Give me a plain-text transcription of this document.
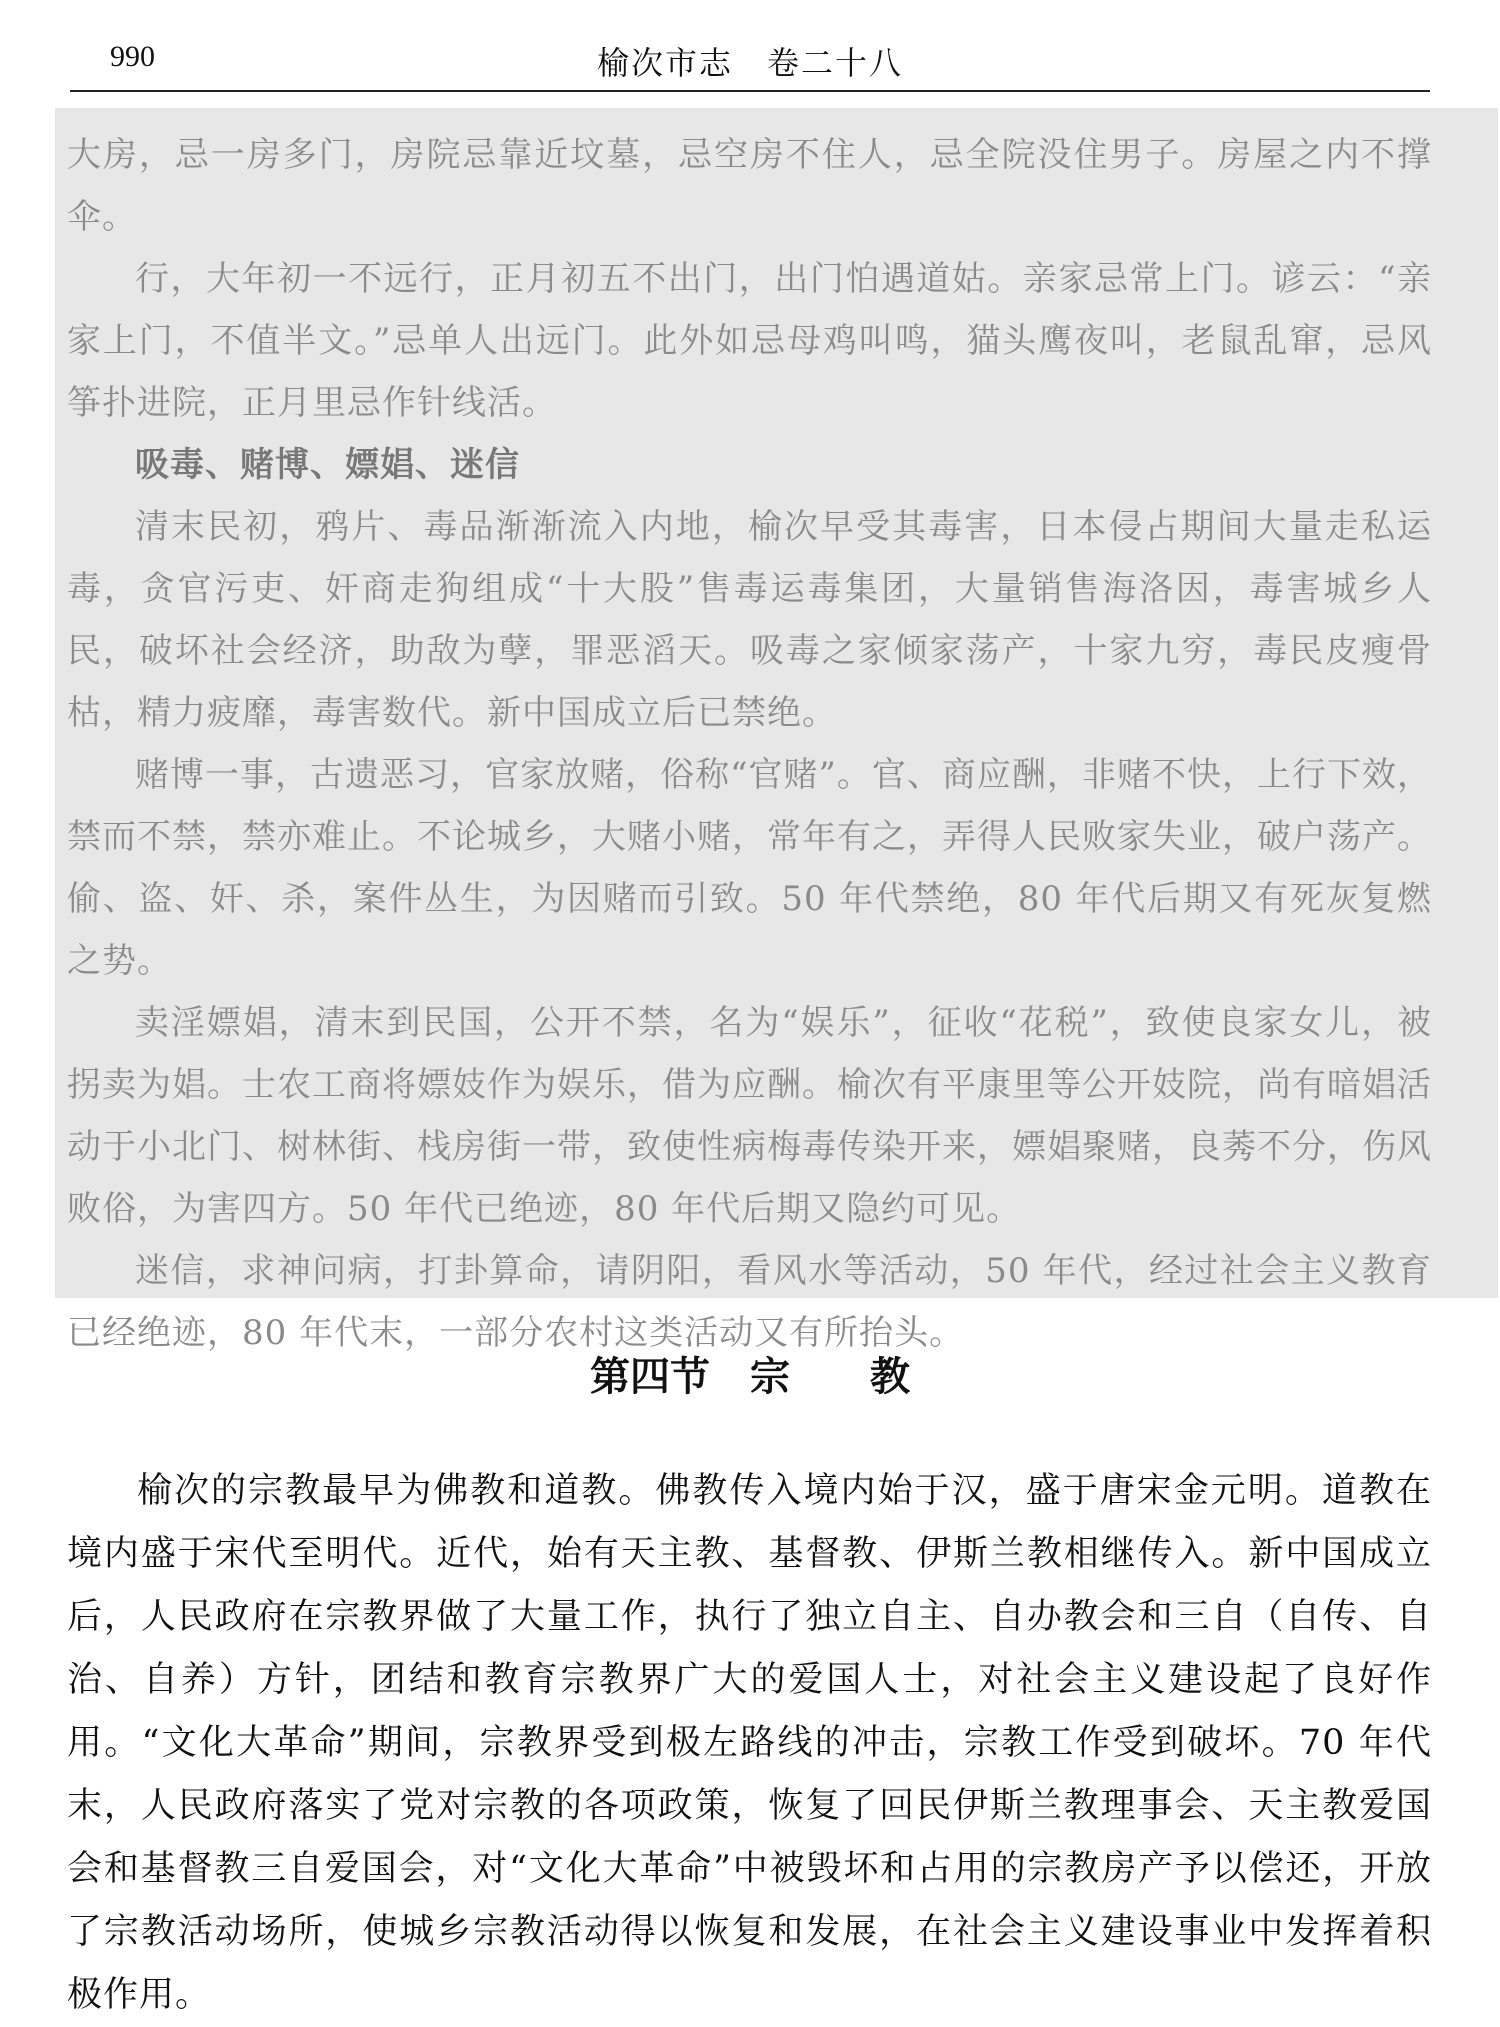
990	榆次市志　卷二十八

大房，忌一房多门，房院忌靠近坟墓，忌空房不住人，忌全院没住男子。房屋之内不撑伞。

行，大年初一不远行，正月初五不出门，出门怕遇道姑。亲家忌常上门。谚云：“亲家上门，不值半文。”忌单人出远门。此外如忌母鸡叫鸣，猫头鹰夜叫，老鼠乱窜，忌风筝扑进院，正月里忌作针线活。

吸毒、赌博、嫖娼、迷信

清末民初，鸦片、毒品渐渐流入内地，榆次早受其毒害，日本侵占期间大量走私运毒，贪官污吏、奸商走狗组成“十大股”售毒运毒集团，大量销售海洛因，毒害城乡人民，破坏社会经济，助敌为孽，罪恶滔天。吸毒之家倾家荡产，十家九穷，毒民皮瘦骨枯，精力疲靡，毒害数代。新中国成立后已禁绝。

赌博一事，古遗恶习，官家放赌，俗称“官赌”。官、商应酬，非赌不快，上行下效，禁而不禁，禁亦难止。不论城乡，大赌小赌，常年有之，弄得人民败家失业，破户荡产。偷、盗、奸、杀，案件丛生，为因赌而引致。50 年代禁绝，80 年代后期又有死灰复燃之势。

卖淫嫖娼，清末到民国，公开不禁，名为“娱乐”，征收“花税”，致使良家女儿，被拐卖为娼。士农工商将嫖妓作为娱乐，借为应酬。榆次有平康里等公开妓院，尚有暗娼活动于小北门、树林街、栈房街一带，致使性病梅毒传染开来，嫖娼聚赌，良莠不分，伤风败俗，为害四方。50 年代已绝迹，80 年代后期又隐约可见。

迷信，求神问病，打卦算命，请阴阳，看风水等活动，50 年代，经过社会主义教育已经绝迹，80 年代末，一部分农村这类活动又有所抬头。

第四节　宗　　教

榆次的宗教最早为佛教和道教。佛教传入境内始于汉，盛于唐宋金元明。道教在境内盛于宋代至明代。近代，始有天主教、基督教、伊斯兰教相继传入。新中国成立后，人民政府在宗教界做了大量工作，执行了独立自主、自办教会和三自（自传、自治、自养）方针，团结和教育宗教界广大的爱国人士，对社会主义建设起了良好作用。“文化大革命”期间，宗教界受到极左路线的冲击，宗教工作受到破坏。70 年代末，人民政府落实了党对宗教的各项政策，恢复了回民伊斯兰教理事会、天主教爱国会和基督教三自爱国会，对“文化大革命”中被毁坏和占用的宗教房产予以偿还，开放了宗教活动场所，使城乡宗教活动得以恢复和发展，在社会主义建设事业中发挥着积极作用。
